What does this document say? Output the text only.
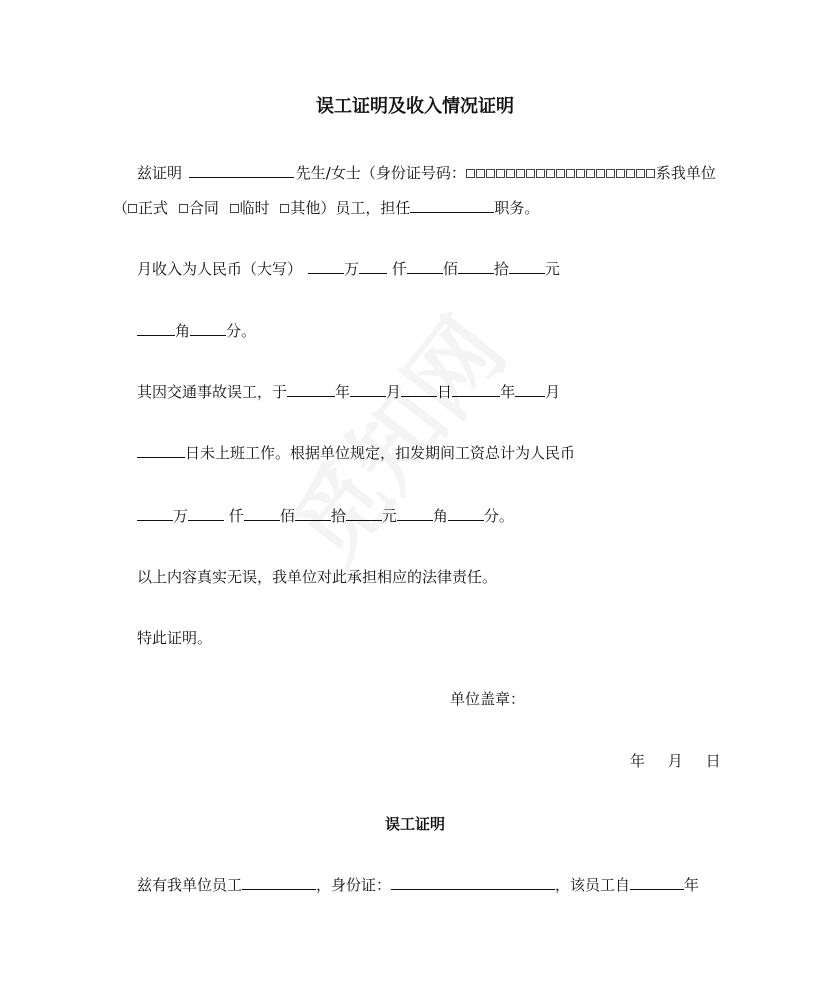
误工证明及收入情况证明
兹证明	先生/女士（身份证号码：	系我单位
（ 正式 合同 临时 其他）员工，担任	职务。
月收入为人民币（大写）	万 仟 佰 拾 元
角 分。
其因交通事故误工，于	年 月 日	年 月
日未上班工作。根据单位规定，扣发期间工资总计为人民币
万	仟 佰 拾 元 角 分。
以上内容真实无误，我单位对此承担相应的法律责任。
特此证明。
单位盖章：
年 月 日
误工证明
兹有我单位员工	，身份证：	，该员工自	年
